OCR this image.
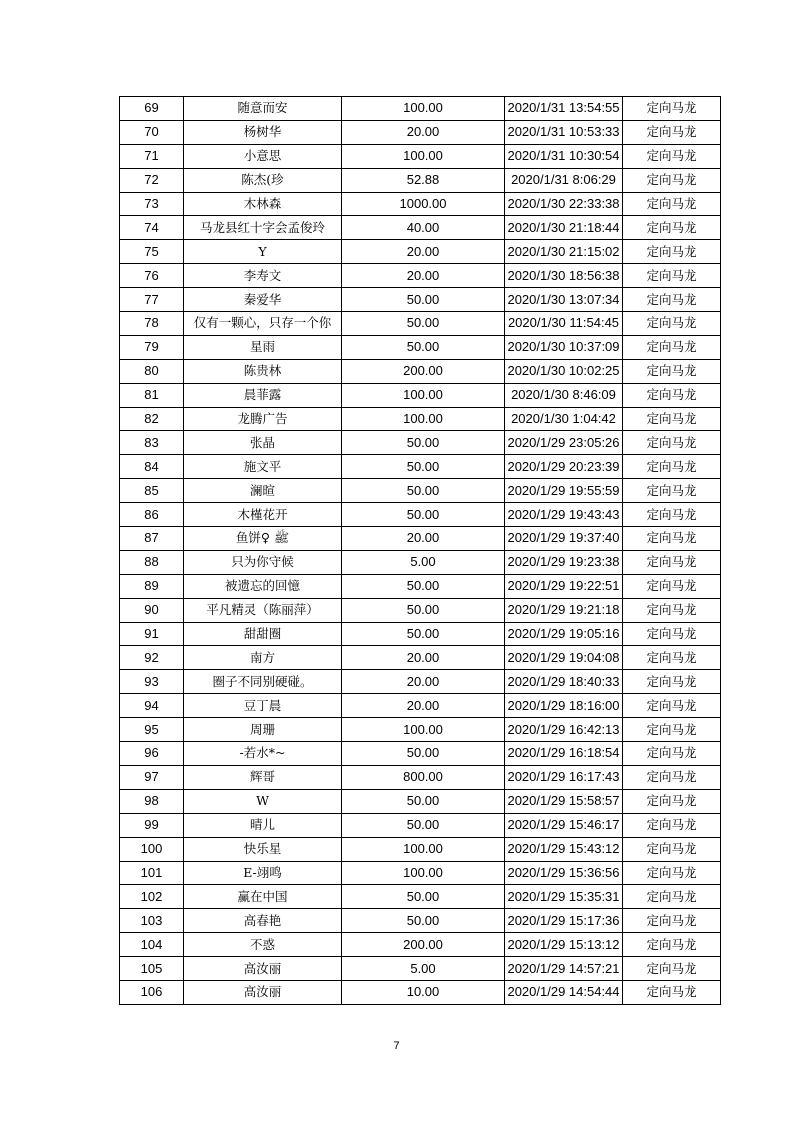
69	随意而安	100.00	2020/1/31 13:54:55	定向马龙
70	杨树华	20.00	2020/1/31 10:53:33	定向马龙
71	小意思	100.00	2020/1/31 10:30:54	定向马龙
72	陈杰(珍	52.88	2020/1/31 8:06:29	定向马龙
73	木林森	1000.00	2020/1/30 22:33:38	定向马龙
74	马龙县红十字会孟俊玲	40.00	2020/1/30 21:18:44	定向马龙
75	Y	20.00	2020/1/30 21:15:02	定向马龙
76	李寿文	20.00	2020/1/30 18:56:38	定向马龙
77	秦爱华	50.00	2020/1/30 13:07:34	定向马龙
78	仅有一颗心，只存一个你	50.00	2020/1/30 11:54:45	定向马龙
79	星雨	50.00	2020/1/30 10:37:09	定向马龙
80	陈贵林	200.00	2020/1/30 10:02:25	定向马龙
81	晨菲露	100.00	2020/1/30 8:46:09	定向马龙
82	龙腾广告	100.00	2020/1/30 1:04:42	定向马龙
83	张晶	50.00	2020/1/29 23:05:26	定向马龙
84	施文平	50.00	2020/1/29 20:23:39	定向马龙
85	澜暄	50.00	2020/1/29 19:55:59	定向马龙
86	木槿花开	50.00	2020/1/29 19:43:43	定向马龙
87	鱼饼♀ ﷺ	20.00	2020/1/29 19:37:40	定向马龙
88	只为你守候	5.00	2020/1/29 19:23:38	定向马龙
89	被遗忘的回憶	50.00	2020/1/29 19:22:51	定向马龙
90	平凡精灵（陈丽萍）	50.00	2020/1/29 19:21:18	定向马龙
91	甜甜圈	50.00	2020/1/29 19:05:16	定向马龙
92	南方	20.00	2020/1/29 19:04:08	定向马龙
93	圈子不同别硬碰。	20.00	2020/1/29 18:40:33	定向马龙
94	豆丁晨	20.00	2020/1/29 18:16:00	定向马龙
95	周珊	100.00	2020/1/29 16:42:13	定向马龙
96	-若水*~	50.00	2020/1/29 16:18:54	定向马龙
97	辉哥	800.00	2020/1/29 16:17:43	定向马龙
98	W	50.00	2020/1/29 15:58:57	定向马龙
99	晴儿	50.00	2020/1/29 15:46:17	定向马龙
100	快乐星	100.00	2020/1/29 15:43:12	定向马龙
101	E-翊鸣	100.00	2020/1/29 15:36:56	定向马龙
102	赢在中国	50.00	2020/1/29 15:35:31	定向马龙
103	高春艳	50.00	2020/1/29 15:17:36	定向马龙
104	不惑	200.00	2020/1/29 15:13:12	定向马龙
105	高汝丽	5.00	2020/1/29 14:57:21	定向马龙
106	高汝丽	10.00	2020/1/29 14:54:44	定向马龙
7
